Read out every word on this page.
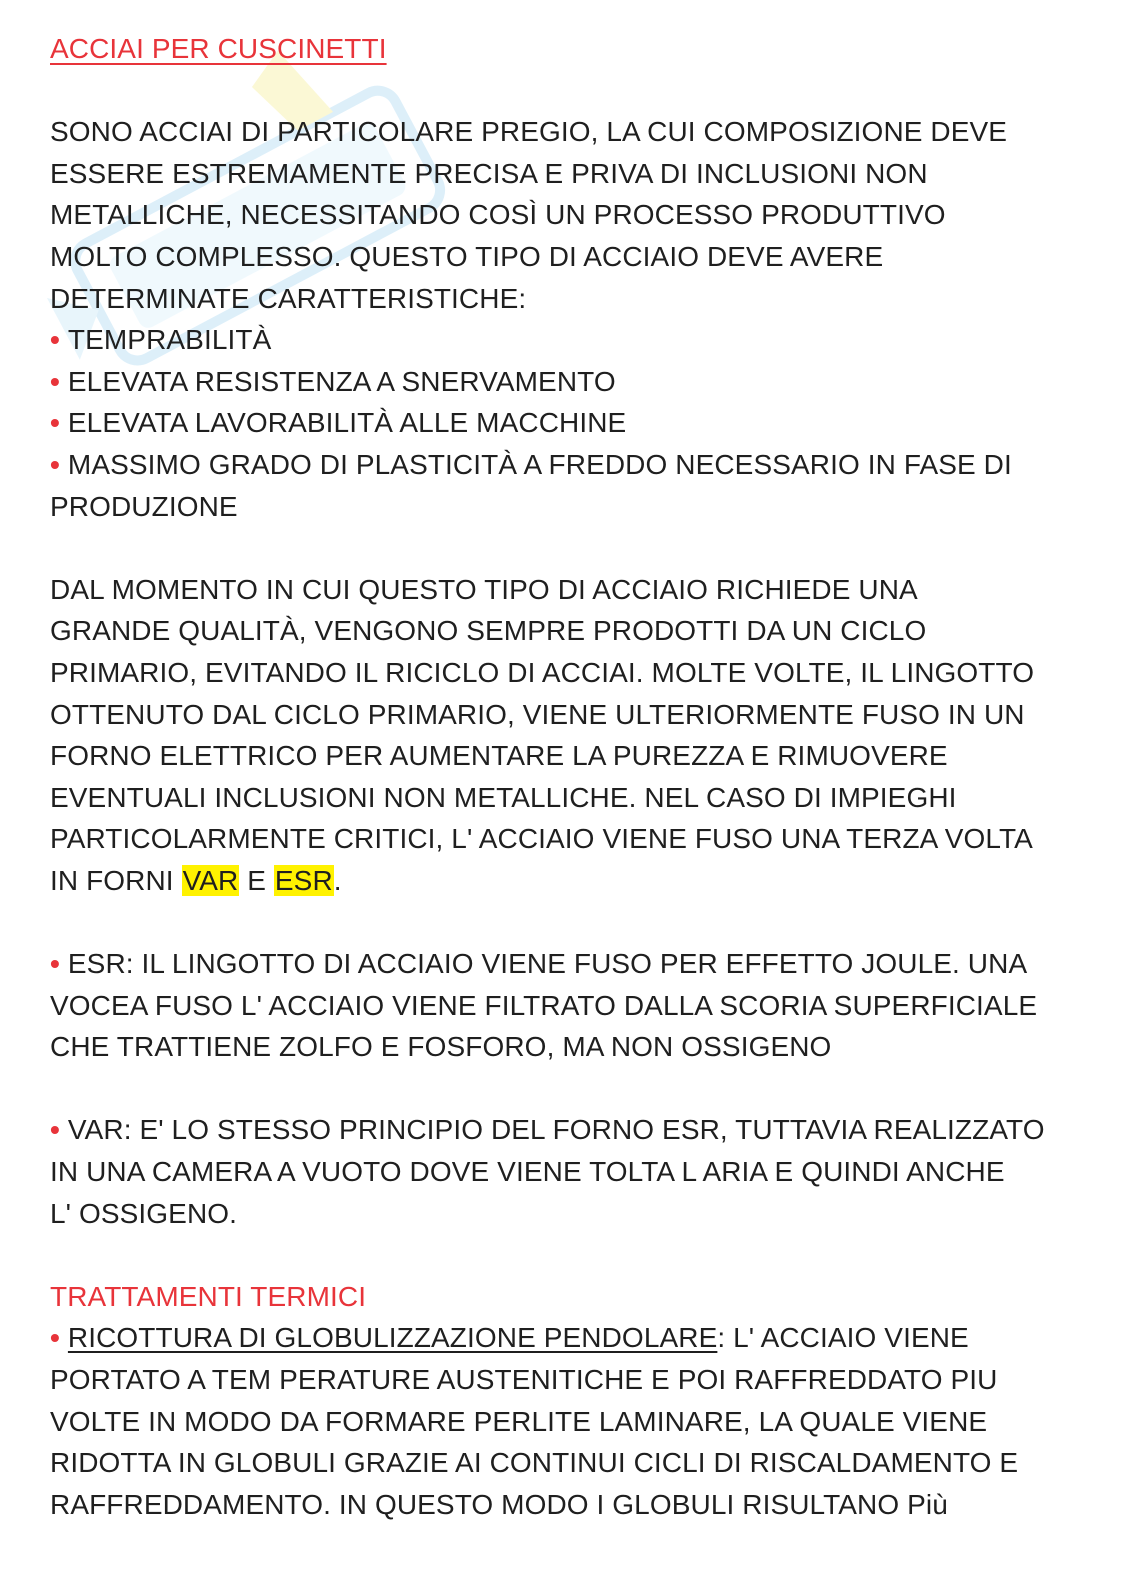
ACCIAI PER CUSCINETTI

SONO ACCIAI DI PARTICOLARE PREGIO, LA CUI COMPOSIZIONE DEVE
ESSERE ESTREMAMENTE PRECISA E PRIVA DI INCLUSIONI NON
METALLICHE, NECESSITANDO COSÌ UN PROCESSO PRODUTTIVO
MOLTO COMPLESSO. QUESTO TIPO DI ACCIAIO DEVE AVERE
DETERMINATE CARATTERISTICHE:

• TEMPRABILITÀ
• ELEVATA RESISTENZA A SNERVAMENTO
• ELEVATA LAVORABILITÀ ALLE MACCHINE
• MASSIMO GRADO DI PLASTICITÀ A FREDDO NECESSARIO IN FASE DI
PRODUZIONE

DAL MOMENTO IN CUI QUESTO TIPO DI ACCIAIO RICHIEDE UNA
GRANDE QUALITÀ, VENGONO SEMPRE PRODOTTI DA UN CICLO
PRIMARIO, EVITANDO IL RICICLO DI ACCIAI. MOLTE VOLTE, IL LINGOTTO
OTTENUTO DAL CICLO PRIMARIO, VIENE ULTERIORMENTE FUSO IN UN
FORNO ELETTRICO PER AUMENTARE LA PUREZZA E RIMUOVERE
EVENTUALI INCLUSIONI NON METALLICHE. NEL CASO DI IMPIEGHI
PARTICOLARMENTE CRITICI, L' ACCIAIO VIENE FUSO UNA TERZA VOLTA
IN FORNI VAR E ESR.

• ESR: IL LINGOTTO DI ACCIAIO VIENE FUSO PER EFFETTO JOULE. UNA
VOCEA FUSO L' ACCIAIO VIENE FILTRATO DALLA SCORIA SUPERFICIALE
CHE TRATTIENE ZOLFO E FOSFORO, MA NON OSSIGENO

• VAR: E' LO STESSO PRINCIPIO DEL FORNO ESR, TUTTAVIA REALIZZATO
IN UNA CAMERA A VUOTO DOVE VIENE TOLTA L ARIA E QUINDI ANCHE
L' OSSIGENO.

TRATTAMENTI TERMICI

• RICOTTURA DI GLOBULIZZAZIONE PENDOLARE: L' ACCIAIO VIENE
PORTATO A TEM PERATURE AUSTENITICHE E POI RAFFREDDATO PIU
VOLTE IN MODO DA FORMARE PERLITE LAMINARE, LA QUALE VIENE
RIDOTTA IN GLOBULI GRAZIE AI CONTINUI CICLI DI RISCALDAMENTO E
RAFFREDDAMENTO. IN QUESTO MODO I GLOBULI RISULTANO Più
